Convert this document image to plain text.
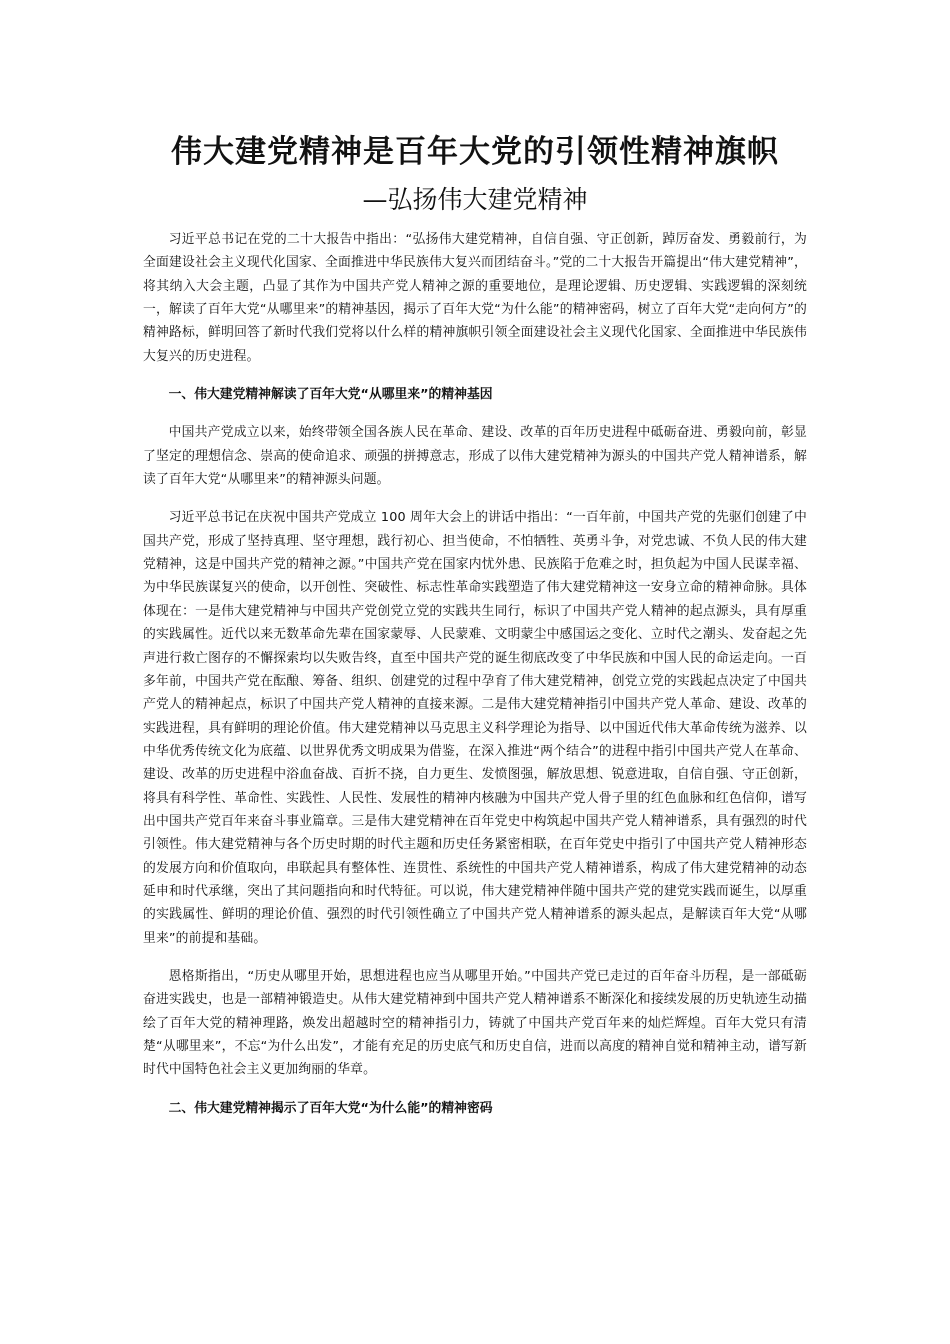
伟大建党精神是百年大党的引领性精神旗帜
—弘扬伟大建党精神

习近平总书记在党的二十大报告中指出：“弘扬伟大建党精神，自信自强、守正创新，踔厉奋发、勇毅前行，为全面建设社会主义现代化国家、全面推进中华民族伟大复兴而团结奋斗。”党的二十大报告开篇提出“伟大建党精神”，将其纳入大会主题，凸显了其作为中国共产党人精神之源的重要地位，是理论逻辑、历史逻辑、实践逻辑的深刻统一，解读了百年大党“从哪里来”的精神基因，揭示了百年大党“为什么能”的精神密码，树立了百年大党“走向何方”的精神路标，鲜明回答了新时代我们党将以什么样的精神旗帜引领全面建设社会主义现代化国家、全面推进中华民族伟大复兴的历史进程。

一、伟大建党精神解读了百年大党“从哪里来”的精神基因

中国共产党成立以来，始终带领全国各族人民在革命、建设、改革的百年历史进程中砥砺奋进、勇毅向前，彰显了坚定的理想信念、崇高的使命追求、顽强的拼搏意志，形成了以伟大建党精神为源头的中国共产党人精神谱系，解读了百年大党“从哪里来”的精神源头问题。

习近平总书记在庆祝中国共产党成立 100 周年大会上的讲话中指出：“一百年前，中国共产党的先驱们创建了中国共产党，形成了坚持真理、坚守理想，践行初心、担当使命，不怕牺牲、英勇斗争，对党忠诚、不负人民的伟大建党精神，这是中国共产党的精神之源。”中国共产党在国家内忧外患、民族陷于危难之时，担负起为中国人民谋幸福、为中华民族谋复兴的使命，以开创性、突破性、标志性革命实践塑造了伟大建党精神这一安身立命的精神命脉。具体体现在：一是伟大建党精神与中国共产党创党立党的实践共生同行，标识了中国共产党人精神的起点源头，具有厚重的实践属性。近代以来无数革命先辈在国家蒙辱、人民蒙难、文明蒙尘中感国运之变化、立时代之潮头、发奋起之先声进行救亡图存的不懈探索均以失败告终，直至中国共产党的诞生彻底改变了中华民族和中国人民的命运走向。一百多年前，中国共产党在酝酿、筹备、组织、创建党的过程中孕育了伟大建党精神，创党立党的实践起点决定了中国共产党人的精神起点，标识了中国共产党人精神的直接来源。二是伟大建党精神指引中国共产党人革命、建设、改革的实践进程，具有鲜明的理论价值。伟大建党精神以马克思主义科学理论为指导、以中国近代伟大革命传统为滋养、以中华优秀传统文化为底蕴、以世界优秀文明成果为借鉴，在深入推进“两个结合”的进程中指引中国共产党人在革命、建设、改革的历史进程中浴血奋战、百折不挠，自力更生、发愤图强，解放思想、锐意进取，自信自强、守正创新，将具有科学性、革命性、实践性、人民性、发展性的精神内核融为中国共产党人骨子里的红色血脉和红色信仰，谱写出中国共产党百年来奋斗事业篇章。三是伟大建党精神在百年党史中构筑起中国共产党人精神谱系，具有强烈的时代引领性。伟大建党精神与各个历史时期的时代主题和历史任务紧密相联，在百年党史中指引了中国共产党人精神形态的发展方向和价值取向，串联起具有整体性、连贯性、系统性的中国共产党人精神谱系，构成了伟大建党精神的动态延申和时代承继，突出了其问题指向和时代特征。可以说，伟大建党精神伴随中国共产党的建党实践而诞生，以厚重的实践属性、鲜明的理论价值、强烈的时代引领性确立了中国共产党人精神谱系的源头起点，是解读百年大党“从哪里来”的前提和基础。

恩格斯指出，“历史从哪里开始，思想进程也应当从哪里开始。”中国共产党已走过的百年奋斗历程，是一部砥砺奋进实践史，也是一部精神锻造史。从伟大建党精神到中国共产党人精神谱系不断深化和接续发展的历史轨迹生动描绘了百年大党的精神理路，焕发出超越时空的精神指引力，铸就了中国共产党百年来的灿烂辉煌。百年大党只有清楚“从哪里来”，不忘“为什么出发”，才能有充足的历史底气和历史自信，进而以高度的精神自觉和精神主动，谱写新时代中国特色社会主义更加绚丽的华章。

二、伟大建党精神揭示了百年大党“为什么能”的精神密码
